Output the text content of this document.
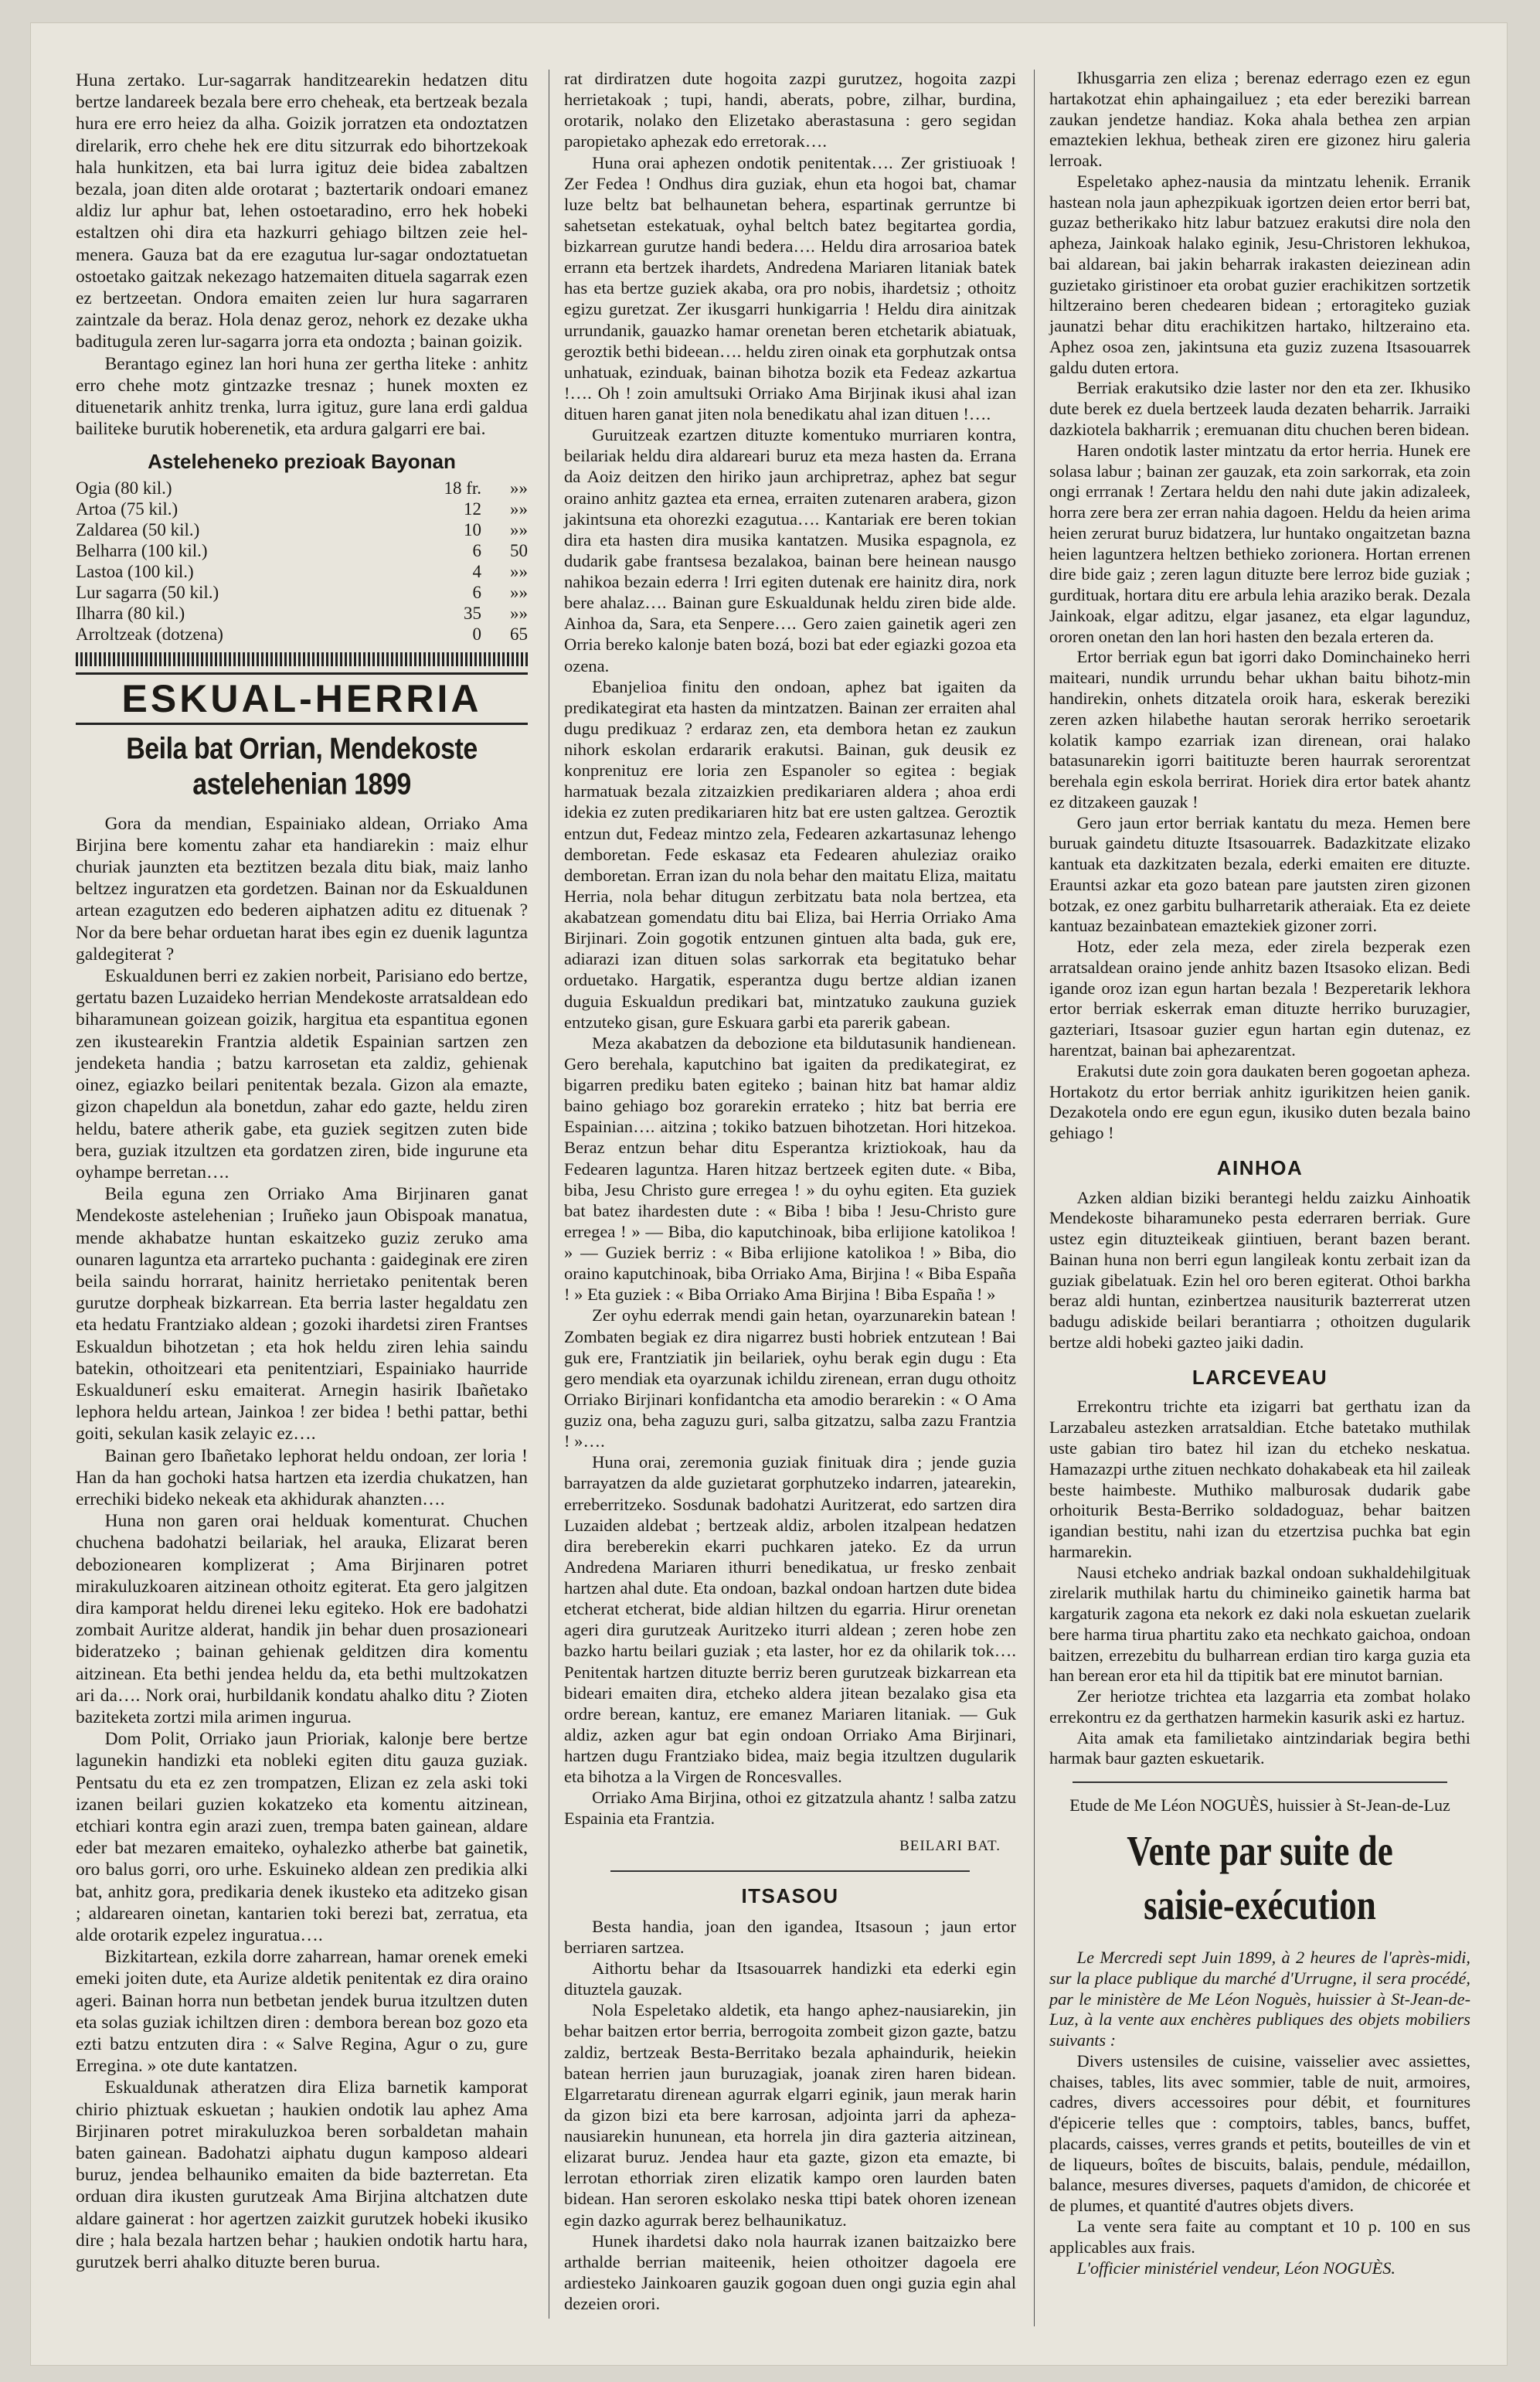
Huna zertako. Lur-sagarrak handitzearekin hedatzen ditu bertze landareek bezala bere erro cheheak, eta bertzeak bezala hura ere erro heiez da alha. Goizik jorratzen eta ondoztatzen direlarik, erro chehe hek ere ditu sitzurrak edo bihortzekoak hala hunkitzen, eta bai lurra igituz deie bidea zabaltzen bezala, joan diten alde orotarat ; baztertarik ondoari emanez aldiz lur aphur bat, lehen ostoetaradino, erro hek hobeki estaltzen ohi dira eta hazkurri gehiago biltzen zeie hel-menera. Gauza bat da ere ezagutua lur-sagar ondoztatuetan ostoetako gaitzak nekezago hatzemaiten dituela sagarrak ezen ez bertzeetan. Ondora emaiten zeien lur hura sagarraren zaintzale da beraz. Hola denaz geroz, nehork ez dezake ukha baditugula zeren lur-sagarra jorra eta ondozta ; bainan goizik.

Berantago eginez lan hori huna zer gertha liteke : anhitz erro chehe motz gintzazke tresnaz ; hunek moxten ez dituenetarik anhitz trenka, lurra igituz, gure lana erdi galdua bailiteke burutik hoberenetik, eta ardura galgarri ere bai.

Asteleheneko prezioak Bayonan
Ogia (80 kil.)	18 fr.	»»
Artoa (75 kil.)	12	»»
Zaldarea (50 kil.)	10	»»
Belharra (100 kil.)	6	50
Lastoa (100 kil.)	4	»»
Lur sagarra (50 kil.)	6	»»
Ilharra (80 kil.)	35	»»
Arroltzeak (dotzena)	0	65
ESKUAL-HERRIA
Beila bat Orrian, Mendekoste astelehenian 1899

Gora da mendian, Espainiako aldean, Orriako Ama Birjina bere komentu zahar eta handiarekin : maiz elhur churiak jaunzten eta beztitzen bezala ditu biak, maiz lanho beltzez inguratzen eta gordetzen. Bainan nor da Eskualdunen artean ezagutzen edo bederen aiphatzen aditu ez dituenak ? Nor da bere behar orduetan harat ibes egin ez duenik laguntza galdegiterat ?

Eskualdunen berri ez zakien norbeit, Parisiano edo bertze, gertatu bazen Luzaideko herrian Mendekoste arratsaldean edo biharamunean goizean goizik, hargitua eta espantitua egonen zen ikustearekin Frantzia aldetik Espainian sartzen zen jendeketa handia ; batzu karrosetan eta zaldiz, gehienak oinez, egiazko beilari penitentak bezala. Gizon ala emazte, gizon chapeldun ala bonetdun, zahar edo gazte, heldu ziren heldu, batere atherik gabe, eta guziek segitzen zuten bide bera, guziak itzultzen eta gordatzen ziren, bide ingurune eta oyhampe berretan….

Beila eguna zen Orriako Ama Birjinaren ganat Mendekoste astelehenian ; Iruñeko jaun Obispoak manatua, mende akhabatze huntan eskaitzeko guziz zeruko ama ounaren laguntza eta arrarteko puchanta : gaideginak ere ziren beila saindu horrarat, hainitz herrietako penitentak beren gurutze dorpheak bizkarrean. Eta berria laster hegaldatu zen eta hedatu Frantziako aldean ; gozoki ihardetsi ziren Frantses Eskualdun bihotzetan ; eta hok heldu ziren lehia saindu batekin, othoitzeari eta penitentziari, Espainiako haurride Eskualdunerí esku emaiterat. Arnegin hasirik Ibañetako lephora heldu artean, Jainkoa ! zer bidea ! bethi pattar, bethi goiti, sekulan kasik zelayic ez….

Bainan gero Ibañetako lephorat heldu ondoan, zer loria ! Han da han gochoki hatsa hartzen eta izerdia chukatzen, han errechiki bideko nekeak eta akhidurak ahanzten….

Huna non garen orai helduak komenturat. Chuchen chuchena badohatzi beilariak, hel arauka, Elizarat beren debozionearen komplizerat ; Ama Birjinaren potret mirakuluzkoaren aitzinean othoitz egiterat. Eta gero jalgitzen dira kamporat heldu direnei leku egiteko. Hok ere badohatzi zombait Auritze alderat, handik jin behar duen prosazioneari bideratzeko ; bainan gehienak gelditzen dira komentu aitzinean. Eta bethi jendea heldu da, eta bethi multzokatzen ari da…. Nork orai, hurbildanik kondatu ahalko ditu ? Zioten baziteketa zortzi mila arimen ingurua.

Dom Polit, Orriako jaun Prioriak, kalonje bere bertze lagunekin handizki eta nobleki egiten ditu gauza guziak. Pentsatu du eta ez zen trompatzen, Elizan ez zela aski toki izanen beilari guzien kokatzeko eta komentu aitzinean, etchiari kontra egin arazi zuen, trempa baten gainean, aldare eder bat mezaren emaiteko, oyhalezko atherbe bat gainetik, oro balus gorri, oro urhe. Eskuineko aldean zen predikia alki bat, anhitz gora, predikaria denek ikusteko eta aditzeko gisan ; aldarearen oinetan, kantarien toki berezi bat, zerratua, eta alde orotarik ezpelez inguratua….

Bizkitartean, ezkila dorre zaharrean, hamar orenek emeki emeki joiten dute, eta Aurize aldetik penitentak ez dira oraino ageri. Bainan horra nun betbetan jendek burua itzultzen duten eta solas guziak ichiltzen diren : dembora berean boz gozo eta ezti batzu entzuten dira : « Salve Regina, Agur o zu, gure Erregina. » ote dute kantatzen.

Eskualdunak atheratzen dira Eliza barnetik kamporat chirio phiztuak eskuetan ; haukien ondotik lau aphez Ama Birjinaren potret mirakuluzkoa beren sorbaldetan mahain baten gainean. Badohatzi aiphatu dugun kamposo aldeari buruz, jendea belhauniko emaiten da bide bazterretan. Eta orduan dira ikusten gurutzeak Ama Birjina altchatzen dute aldare gainerat : hor agertzen zaizkit gurutzek hobeki ikusiko dire ; hala bezala hartzen behar ; haukien ondotik hartu hara, gurutzek berri ahalko dituzte beren burua.

rat dirdiratzen dute hogoita zazpi gurutzez, hogoita zazpi herrietakoak ; tupi, handi, aberats, pobre, zilhar, burdina, orotarik, nolako den Elizetako aberastasuna : gero segidan paropietako aphezak edo erretorak….

Huna orai aphezen ondotik penitentak…. Zer gristiuoak ! Zer Fedea ! Ondhus dira guziak, ehun eta hogoi bat, chamar luze beltz bat belhaunetan behera, espartinak gerruntze bi sahetsetan estekatuak, oyhal beltch batez begitartea gordia, bizkarrean gurutze handi bedera…. Heldu dira arrosarioa batek errann eta bertzek ihardets, Andredena Mariaren litaniak batek has eta bertze guziek akaba, ora pro nobis, ihardetsiz ; othoitz egizu guretzat. Zer ikusgarri hunkigarria ! Heldu dira ainitzak urrundanik, gauazko hamar orenetan beren etchetarik abiatuak, geroztik bethi bideean…. heldu ziren oinak eta gorphutzak ontsa unhatuak, ezinduak, bainan bihotza bozik eta Fedeaz azkartua !…. Oh ! zoin amultsuki Orriako Ama Birjinak ikusi ahal izan dituen haren ganat jiten nola benedikatu ahal izan dituen !….

Guruitzeak ezartzen dituzte komentuko murriaren kontra, beilariak heldu dira aldareari buruz eta meza hasten da. Errana da Aoiz deitzen den hiriko jaun archipretraz, aphez bat segur oraino anhitz gaztea eta ernea, erraiten zutenaren arabera, gizon jakintsuna eta ohorezki ezagutua…. Kantariak ere beren tokian dira eta hasten dira musika kantatzen. Musika espagnola, ez dudarik gabe frantsesa bezalakoa, bainan bere heinean nausgo nahikoa bezain ederra ! Irri egiten dutenak ere hainitz dira, nork bere ahalaz…. Bainan gure Eskualdunak heldu ziren bide alde. Ainhoa da, Sara, eta Senpere…. Gero zaien gainetik ageri zen Orria bereko kalonje baten bozá, bozi bat eder egiazki gozoa eta ozena.

Ebanjelioa finitu den ondoan, aphez bat igaiten da predikategirat eta hasten da mintzatzen. Bainan zer erraiten ahal dugu predikuaz ? erdaraz zen, eta dembora hetan ez zaukun nihork eskolan erdararik erakutsi. Bainan, guk deusik ez konprenituz ere loria zen Espanoler so egitea : begiak harmatuak bezala zitzaizkien predikariaren aldera ; ahoa erdi idekia ez zuten predikariaren hitz bat ere usten galtzea. Geroztik entzun dut, Fedeaz mintzo zela, Fedearen azkartasunaz lehengo demboretan. Fede eskasaz eta Fedearen ahuleziaz oraiko demboretan. Erran izan du nola behar den maitatu Eliza, maitatu Herria, nola behar ditugun zerbitzatu bata nola bertzea, eta akabatzean gomendatu ditu bai Eliza, bai Herria Orriako Ama Birjinari. Zoin gogotik entzunen gintuen alta bada, guk ere, adiarazi izan dituen solas sarkorrak eta begitatuko behar orduetako. Hargatik, esperantza dugu bertze aldian izanen duguia Eskualdun predikari bat, mintzatuko zaukuna guziek entzuteko gisan, gure Eskuara garbi eta parerik gabean.

Meza akabatzen da debozione eta bildutasunik handienean. Gero berehala, kaputchino bat igaiten da predikategirat, ez bigarren prediku baten egiteko ; bainan hitz bat hamar aldiz baino gehiago boz gorarekin errateko ; hitz bat berria ere Espainian…. aitzina ; tokiko batzuen bihotzetan. Hori hitzekoa. Beraz entzun behar ditu Esperantza kriztiokoak, hau da Fedearen laguntza. Haren hitzaz bertzeek egiten dute. « Biba, biba, Jesu Christo gure erregea ! » du oyhu egiten. Eta guziek bat batez ihardesten dute : « Biba ! biba ! Jesu-Christo gure erregea ! » — Biba, dio kaputchinoak, biba erlijione katolikoa ! » — Guziek berriz : « Biba erlijione katolikoa ! » Biba, dio oraino kaputchinoak, biba Orriako Ama, Birjina ! « Biba España ! » Eta guziek : « Biba Orriako Ama Birjina ! Biba España ! »

Zer oyhu ederrak mendi gain hetan, oyarzunarekin batean ! Zombaten begiak ez dira nigarrez busti hobriek entzutean ! Bai guk ere, Frantziatik jin beilariek, oyhu berak egin dugu : Eta gero mendiak eta oyarzunak ichildu zirenean, erran dugu othoitz Orriako Birjinari konfidantcha eta amodio berarekin : « O Ama guziz ona, beha zaguzu guri, salba gitzatzu, salba zazu Frantzia ! »….

Huna orai, zeremonia guziak finituak dira ; jende guzia barrayatzen da alde guzietarat gorphutzeko indarren, jatearekin, erreberritzeko. Sosdunak badohatzi Auritzerat, edo sartzen dira Luzaiden aldebat ; bertzeak aldiz, arbolen itzalpean hedatzen dira bereberekin ekarri puchkaren jateko. Ez da urrun Andredena Mariaren ithurri benedikatua, ur fresko zenbait hartzen ahal dute. Eta ondoan, bazkal ondoan hartzen dute bidea etcherat etcherat, bide aldian hiltzen du egarria. Hirur orenetan ageri dira gurutzeak Auritzeko iturri aldean ; zeren hobe zen bazko hartu beilari guziak ; eta laster, hor ez da ohilarik tok…. Penitentak hartzen dituzte berriz beren gurutzeak bizkarrean eta bideari emaiten dira, etcheko aldera jitean bezalako gisa eta ordre berean, kantuz, ere emanez Mariaren litaniak. — Guk aldiz, azken agur bat egin ondoan Orriako Ama Birjinari, hartzen dugu Frantziako bidea, maiz begia itzultzen dugularik eta bihotza a la Virgen de Roncesvalles.

Orriako Ama Birjina, othoi ez gitzatzula ahantz ! salba zatzu Espainia eta Frantzia.

BEILARI BAT.
ITSASOU

Besta handia, joan den igandea, Itsasoun ; jaun ertor berriaren sartzea.

Aithortu behar da Itsasouarrek handizki eta ederki egin dituztela gauzak.

Nola Espeletako aldetik, eta hango aphez-nausiarekin, jin behar baitzen ertor berria, berrogoita zombeit gizon gazte, batzu zaldiz, bertzeak Besta-Berritako bezala aphaindurik, heiekin batean herrien jaun buruzagiak, joanak ziren haren bidean. Elgarretaratu direnean agurrak elgarri eginik, jaun merak harin da gizon bizi eta bere karrosan, adjointa jarri da apheza-nausiarekin hununean, eta horrela jin dira gazteria aitzinean, elizarat buruz. Jendea haur eta gazte, gizon eta emazte, bi lerrotan ethorriak ziren elizatik kampo oren laurden baten bidean. Han seroren eskolako neska ttipi batek ohoren izenean egin dazko agurrak berez belhaunikatuz.

Hunek ihardetsi dako nola haurrak izanen baitzaizko bere arthalde berrian maiteenik, heien othoitzer dagoela ere ardiesteko Jainkoaren gauzik gogoan duen ongi guzia egin ahal dezeien orori.

Ikhusgarria zen eliza ; berenaz ederrago ezen ez egun hartakotzat ehin aphaingailuez ; eta eder bereziki barrean zaukan jendetze handiaz. Koka ahala bethea zen arpian emaztekien lekhua, betheak ziren ere gizonez hiru galeria lerroak.

Espeletako aphez-nausia da mintzatu lehenik. Erranik hastean nola jaun aphezpikuak igortzen deien ertor berri bat, guzaz betherikako hitz labur batzuez erakutsi dire nola den apheza, Jainkoak halako eginik, Jesu-Christoren lekhukoa, bai aldarean, bai jakin beharrak irakasten deiezinean adin guzietako giristinoer eta orobat guzier erachikitzen sortzetik hiltzeraino beren chedearen bidean ; ertoragiteko guziak jaunatzi behar ditu erachikitzen hartako, hiltzeraino eta. Aphez osoa zen, jakintsuna eta guziz zuzena Itsasouarrek galdu duten ertora.

Berriak erakutsiko dzie laster nor den eta zer. Ikhusiko dute berek ez duela bertzeek lauda dezaten beharrik. Jarraiki dazkiotela bakharrik ; eremuanan ditu chuchen beren bidean.

Haren ondotik laster mintzatu da ertor herria. Hunek ere solasa labur ; bainan zer gauzak, eta zoin sarkorrak, eta zoin ongi errranak ! Zertara heldu den nahi dute jakin adizaleek, horra zere bera zer erran nahia dagoen. Heldu da heien arima heien zerurat buruz bidatzera, lur huntako ongaitzetan bazna heien laguntzera heltzen bethieko zorionera. Hortan errenen dire bide gaiz ; zeren lagun dituzte bere lerroz bide guziak ; gurdituak, hortara ditu ere arbula lehia araziko berak. Dezala Jainkoak, elgar aditzu, elgar jasanez, eta elgar lagunduz, ororen onetan den lan hori hasten den bezala erteren da.

Ertor berriak egun bat igorri dako Dominchaineko herri maiteari, nundik urrundu behar ukhan baitu bihotz-min handirekin, onhets ditzatela oroik hara, eskerak bereziki zeren azken hilabethe hautan serorak herriko seroetarik kolatik kampo ezarriak izan direnean, orai halako batasunarekin igorri baitituzte beren haurrak serorentzat berehala egin eskola berrirat. Horiek dira ertor batek ahantz ez ditzakeen gauzak !

Gero jaun ertor berriak kantatu du meza. Hemen bere buruak gaindetu dituzte Itsasouarrek. Badazkitzate elizako kantuak eta dazkitzaten bezala, ederki emaiten ere dituzte. Erauntsi azkar eta gozo batean pare jautsten ziren gizonen botzak, ez onez garbitu bulharretarik atheraiak. Eta ez deiete kantuaz bezainbatean emaztekiek gizoner zorri.

Hotz, eder zela meza, eder zirela bezperak ezen arratsaldean oraino jende anhitz bazen Itsasoko elizan. Bedi igande oroz izan egun hartan bezala ! Bezperetarik lekhora ertor berriak eskerrak eman dituzte herriko buruzagier, gazteriari, Itsasoar guzier egun hartan egin dutenaz, ez harentzat, bainan bai aphezarentzat.

Erakutsi dute zoin gora daukaten beren gogoetan apheza. Hortakotz du ertor berriak anhitz igurikitzen heien ganik. Dezakotela ondo ere egun egun, ikusiko duten bezala baino gehiago !

AINHOA

Azken aldian biziki berantegi heldu zaizku Ainhoatik Mendekoste biharamuneko pesta ederraren berriak. Gure ustez egin dituzteikeak giintiuen, berant bazen berant. Bainan huna non berri egun langileak kontu zerbait izan da guziak gibelatuak. Ezin hel oro beren egiterat. Othoi barkha beraz aldi huntan, ezinbertzea nausiturik bazterrerat utzen badugu adiskide beilari berantiarra ; othoitzen dugularik bertze aldi hobeki gazteo jaiki dadin.

LARCEVEAU

Errekontru trichte eta izigarri bat gerthatu izan da Larzabaleu astezken arratsaldian. Etche batetako muthilak uste gabian tiro batez hil izan du etcheko neskatua. Hamazazpi urthe zituen nechkato dohakabeak eta hil zaileak beste haimbeste. Muthiko malburosak dudarik gabe orhoiturik Besta-Berriko soldadoguaz, behar baitzen igandian bestitu, nahi izan du etzertzisa puchka bat egin harmarekin.

Nausi etcheko andriak bazkal ondoan sukhaldehilgituak zirelarik muthilak hartu du chimineiko gainetik harma bat kargaturik zagona eta nekork ez daki nola eskuetan zuelarik bere harma tirua phartitu zako eta nechkato gaichoa, ondoan baitzen, errezebitu du bulharrean erdian tiro karga guzia eta han berean eror eta hil da ttipitik bat ere minutot barnian.

Zer heriotze trichtea eta lazgarria eta zombat holako errekontru ez da gerthatzen harmekin kasurik aski ez hartuz.

Aita amak eta familietako aintzindariak begira bethi harmak baur gazten eskuetarik.

Etude de Me Léon NOGUÈS, huissier à St-Jean-de-Luz
Vente par suite de saisie-exécution

Le Mercredi sept Juin 1899, à 2 heures de l'après-midi, sur la place publique du marché d'Urrugne, il sera procédé, par le ministère de Me Léon Noguès, huissier à St-Jean-de-Luz, à la vente aux enchères publiques des objets mobiliers suivants :

Divers ustensiles de cuisine, vaisselier avec assiettes, chaises, tables, lits avec sommier, table de nuit, armoires, cadres, divers accessoires pour débit, et fournitures d'épicerie telles que : comptoirs, tables, bancs, buffet, placards, caisses, verres grands et petits, bouteilles de vin et de liqueurs, boîtes de biscuits, balais, pendule, médaillon, balance, mesures diverses, paquets d'amidon, de chicorée et de plumes, et quantité d'autres objets divers.

La vente sera faite au comptant et 10 p. 100 en sus applicables aux frais.

L'officier ministériel vendeur, Léon NOGUÈS.
